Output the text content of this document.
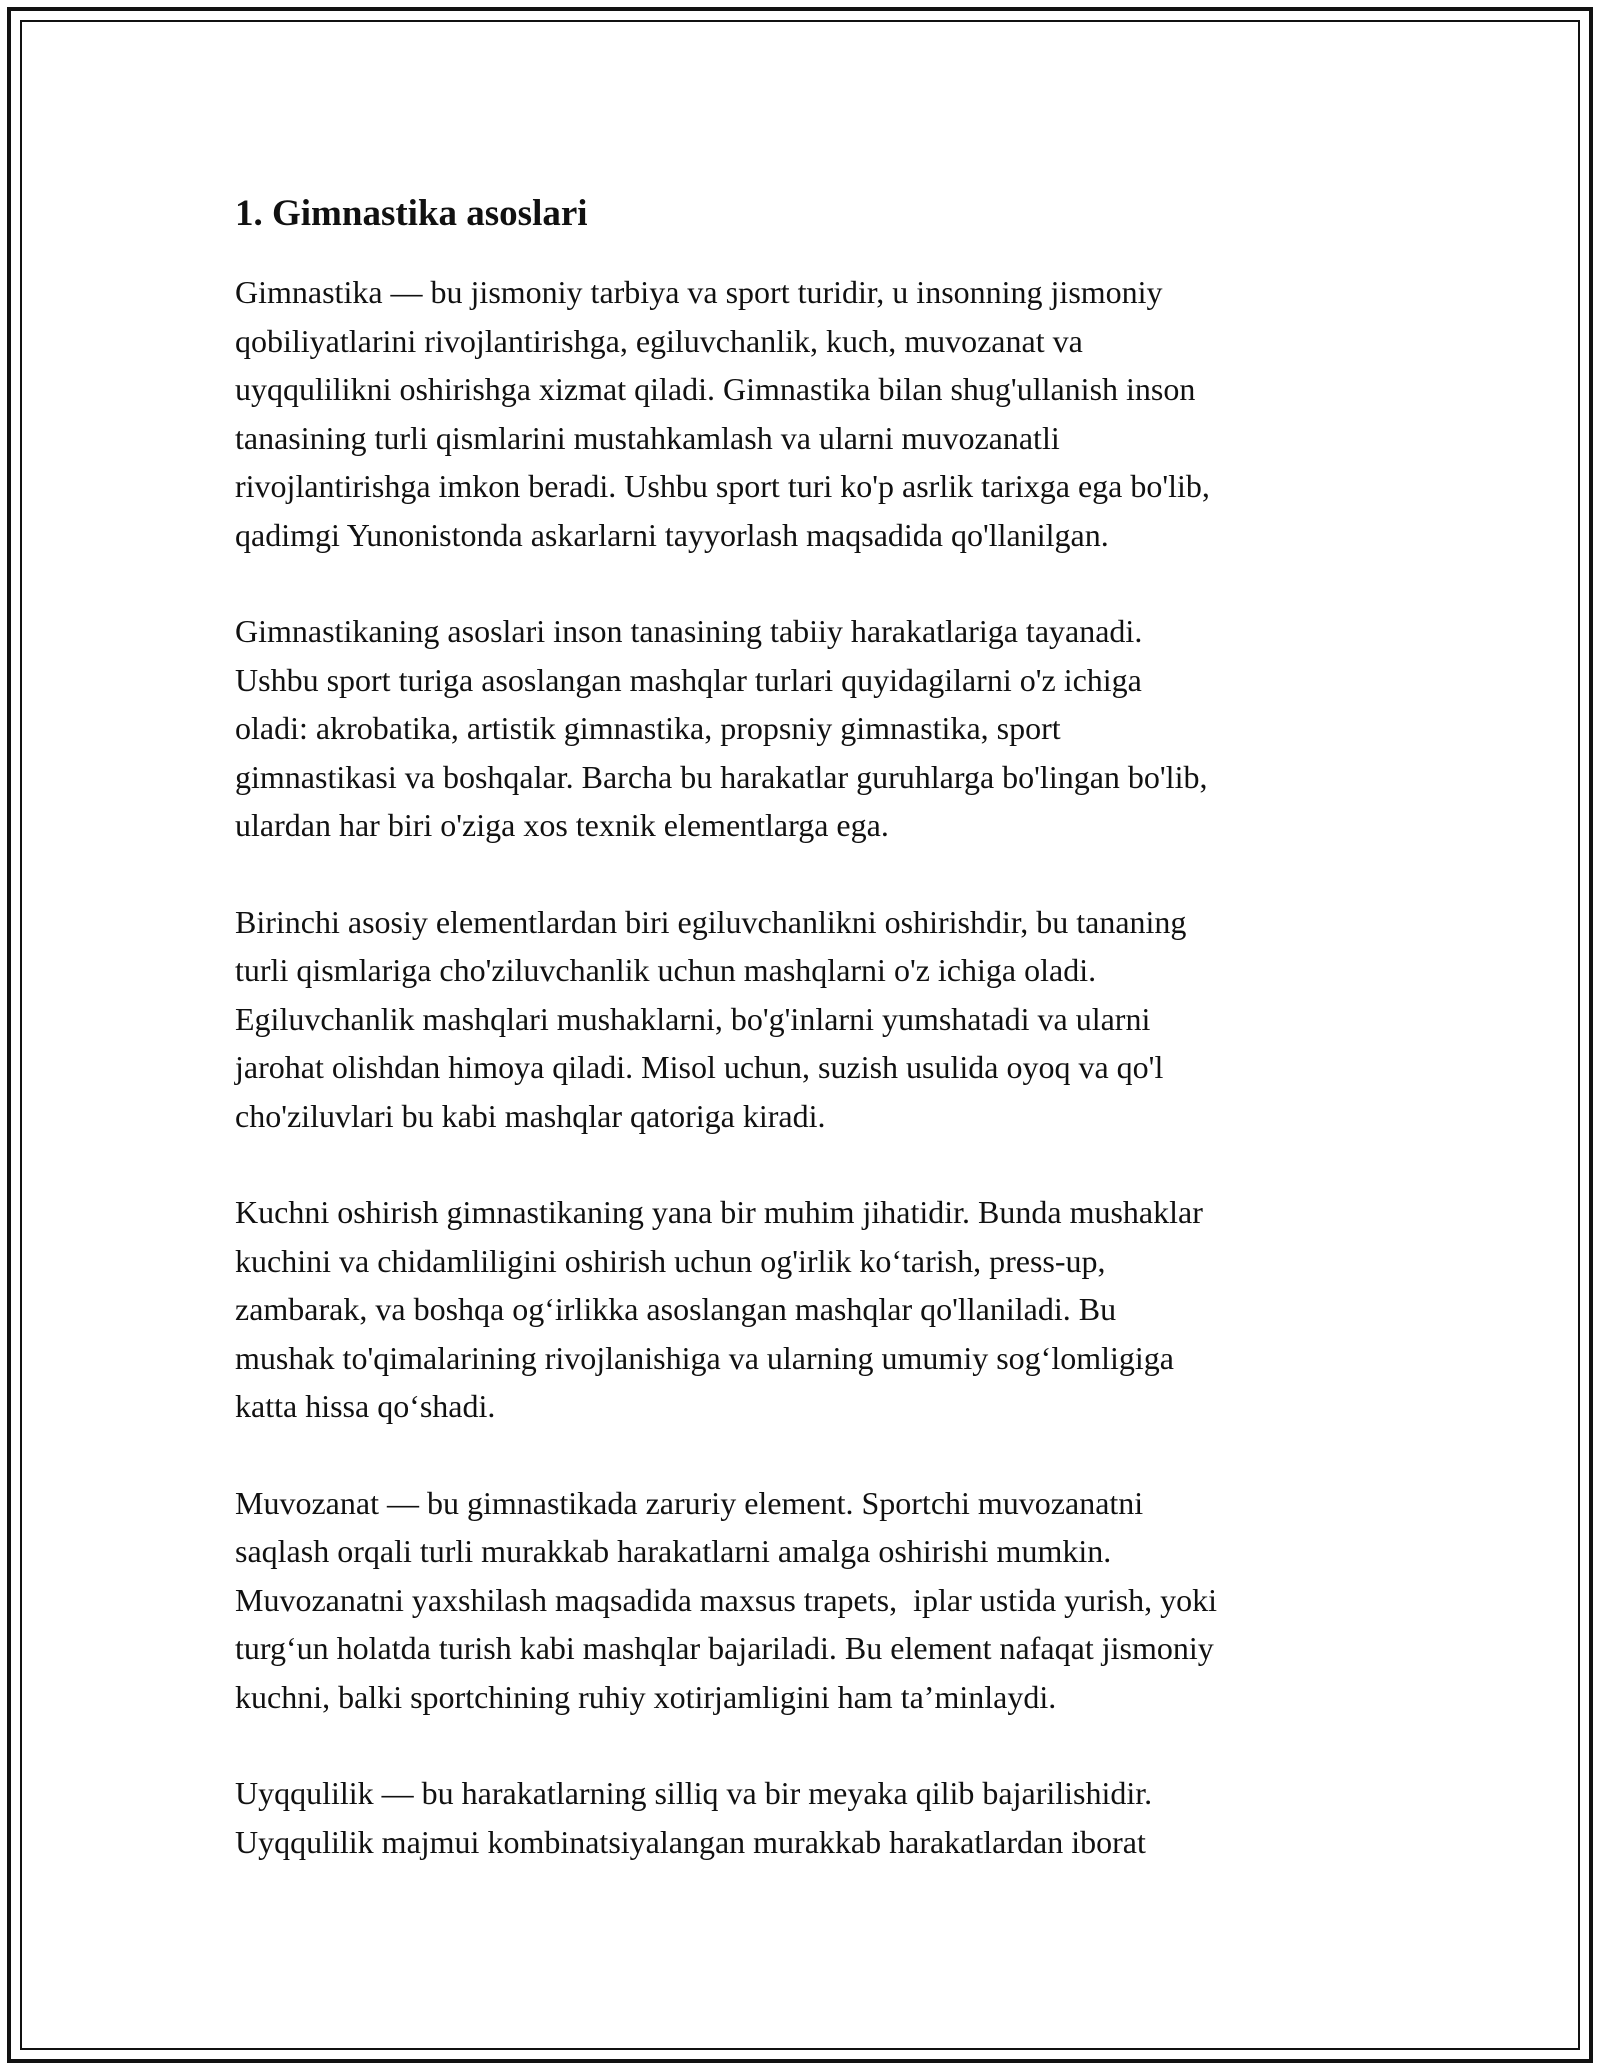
1. Gimnastika asoslari

Gimnastika — bu jismoniy tarbiya va sport turidir, u insonning jismoniy
qobiliyatlarini rivojlantirishga, egiluvchanlik, kuch, muvozanat va
uyqqulilikni oshirishga xizmat qiladi. Gimnastika bilan shug'ullanish inson
tanasining turli qismlarini mustahkamlash va ularni muvozanatli
rivojlantirishga imkon beradi. Ushbu sport turi ko'p asrlik tarixga ega bo'lib,
qadimgi Yunonistonda askarlarni tayyorlash maqsadida qo'llanilgan.

Gimnastikaning asoslari inson tanasining tabiiy harakatlariga tayanadi.
Ushbu sport turiga asoslangan mashqlar turlari quyidagilarni o'z ichiga
oladi: akrobatika, artistik gimnastika, propsniy gimnastika, sport
gimnastikasi va boshqalar. Barcha bu harakatlar guruhlarga bo'lingan bo'lib,
ulardan har biri o'ziga xos texnik elementlarga ega.

Birinchi asosiy elementlardan biri egiluvchanlikni oshirishdir, bu tananing
turli qismlariga cho'ziluvchanlik uchun mashqlarni o'z ichiga oladi.
Egiluvchanlik mashqlari mushaklarni, bo'g'inlarni yumshatadi va ularni
jarohat olishdan himoya qiladi. Misol uchun, suzish usulida oyoq va qo'l
cho'ziluvlari bu kabi mashqlar qatoriga kiradi.

Kuchni oshirish gimnastikaning yana bir muhim jihatidir. Bunda mushaklar
kuchini va chidamliligini oshirish uchun og'irlik ko‘tarish, press-up,
zambarak, va boshqa og‘irlikka asoslangan mashqlar qo'llaniladi. Bu
mushak to'qimalarining rivojlanishiga va ularning umumiy sog‘lomligiga
katta hissa qo‘shadi.

Muvozanat — bu gimnastikada zaruriy element. Sportchi muvozanatni
saqlash orqali turli murakkab harakatlarni amalga oshirishi mumkin.
Muvozanatni yaxshilash maqsadida maxsus trapets,  iplar ustida yurish, yoki
turg‘un holatda turish kabi mashqlar bajariladi. Bu element nafaqat jismoniy
kuchni, balki sportchining ruhiy xotirjamligini ham ta’minlaydi.

Uyqqulilik — bu harakatlarning silliq va bir meyaka qilib bajarilishidir.
Uyqqulilik majmui kombinatsiyalangan murakkab harakatlardan iborat
